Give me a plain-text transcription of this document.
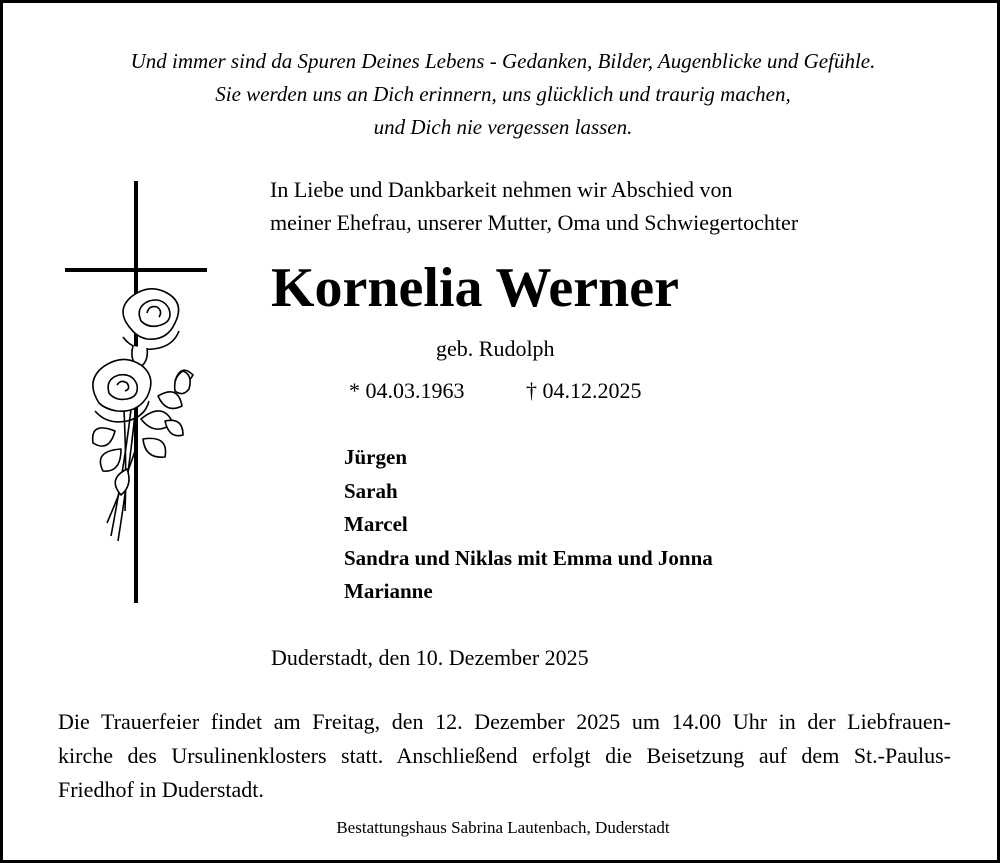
Und immer sind da Spuren Deines Lebens - Gedanken, Bilder, Augenblicke und Gefühle.
Sie werden uns an Dich erinnern, uns glücklich und traurig machen,
und Dich nie vergessen lassen.
In Liebe und Dankbarkeit nehmen wir Abschied von
meiner Ehefrau, unserer Mutter, Oma und Schwiegertochter
Kornelia Werner
geb. Rudolph
* 04.03.1963	† 04.12.2025
Jürgen
Sarah
Marcel
Sandra und Niklas mit Emma und Jonna
Marianne
Duderstadt, den 10. Dezember 2025
Die Trauerfeier findet am Freitag, den 12. Dezember 2025 um 14.00 Uhr in der Liebfrauen-
kirche des Ursulinenklosters statt. Anschließend erfolgt die Beisetzung auf dem St.-Paulus-
Friedhof in Duderstadt.
Bestattungshaus Sabrina Lautenbach, Duderstadt
